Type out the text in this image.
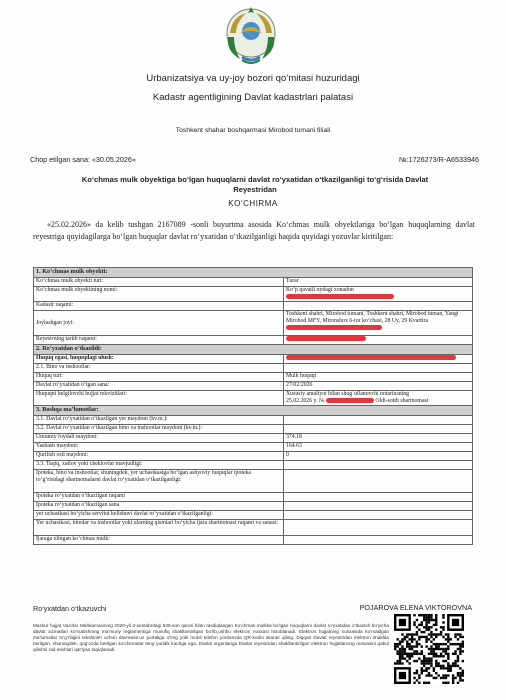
Urbanizatsiya va uy-joy bozori qo‘mitasi huzuridagi
Kadastr agentligining Davlat kadastrlari palatasi
Toshkent shahar boshqarmasi Mirobod tumani filiali
Chop etilgan sana: «30.05.2026»	№:1726273/R-A6533946
Ko‘chmas mulk obyektiga bo‘lgan huquqlarni davlat ro‘yxatidan o‘tkazilganligi to‘g‘risida Davlat Reyestridan
KO‘CHIRMA
«25.02.2026» da kelib tushgan 2167089 -sonli buyurtma asosida Ko‘chmas mulk obyektlariga bo‘lgan huquqlarning davlat reyestriga quyidagilarga bo‘lgan huquqlar davlat ro‘yxatidan o‘tkazilganligi haqida quyidagi yozuvlar kiritilgan:
1. Ko‘chmas mulk obyekti:	
Ko‘chmas mulk obyekti turi:	Turar
Ko‘chmas mulk obyektining nomi:	Ko‘p qavatli uydagi xonadon

Kadastr raqami:	
Joylashgan joyi:	Toshkent shahri, Mirobod tumani, Toshkent shahri, Mirobod tuman, Yangi Mirobod MFY, Mironshox 6-tor ko‘chasi, 28 Uy, 29 Kvartira

Reyestrning tartib raqami:	
2. Ro‘yxatdan o‘tkazildi:	
Huquq egasi, huquqdagi ulush:	
2.1. Bino va inshootlar:	
Huquq turi:	Mulk huquqi
Davlat ro‘yxatidan o‘tgan sana:	27/02/2026
Huquqni belgilovchi hujjat rekvizitlari:	Xususiy amaliyot bilan shug`ullanuvchi notariusning
25.02.2026 y. № Oldi-sotdi shartnomasi
3. Boshqa ma’lumotlar:	
3.1. Davlat ro‘yxatidan o‘tkazilgan yer maydoni (kv.m.):	
3.2. Davlat ro‘yxatidan o‘tkazilgan bino va inshootlar maydoni (kv.m.):	
Umumiy foydali maydoni:	374.18
Yashash maydoni:	164.63
Qurilish osti maydoni:	0
3.3. Taqiq, xatlov yoki cheklovlar mavjudligi:	
Ipoteka, bino va inshootlar, shuningdek, yer uchastkasiga bo‘lgan ashyoviy huquqlar ipoteka to‘g‘risidagi shartnomalarni davlat ro‘yxatidan o‘tkazilganligi:	
Ipoteka ro‘yxatdan o‘tkazilgan raqami	
Ipoteka ro‘yxatdan o‘tkazilgan sana	
yer uchastkasi bo‘yicha servitut kelishuvi davlat ro‘yxatidan o‘tkazilganligi:	
Yer uchastkasi, binolar va inshootlar yoki ularning qismlari bo‘yicha ijara shartnomasi raqami va sanasi:	
Ijaraga olingan ko‘chmas mulk:	
Ro‘yxatdan o‘tkazuvchi	POJAROVA ELENA VIKTOROVNA
Mazkur hujjat Vazirlar Mahkamasining 2020-yil 2-sentabrdagi 535-son qarori bilan tasdiqlangan Ko‘chmas mulkka bo‘lgan huquqlarni davlat ro‘yxatidan o‘tkazish bo‘yicha davlat xizmatlari ko‘rsatishning ma’muriy reglamentiga muvofiq shakllantirilgan bo‘lib,ushbu elektron nusxasi hisoblanadi. Elektron hujjatning nusxasida ko‘rsatilgan ma’lumotlar to‘g‘riligini tekshirish uchun davreestr.uz portaliga o‘ting yoki mobil telefon yordamida QR-kodni skaner qiling. Diqqat! Davlat reyestridan elektron shaklda berilgan, shuningdek, qog‘ozda berilgan ko‘chirmalar teng yuridik kuchga ega. Davlat organlariga Davlat reyestridan shakllantirilgan elektron hujjatlarning nusxasini qabul qilishni rad etishlari qat’iyan taqiqlanadi.
